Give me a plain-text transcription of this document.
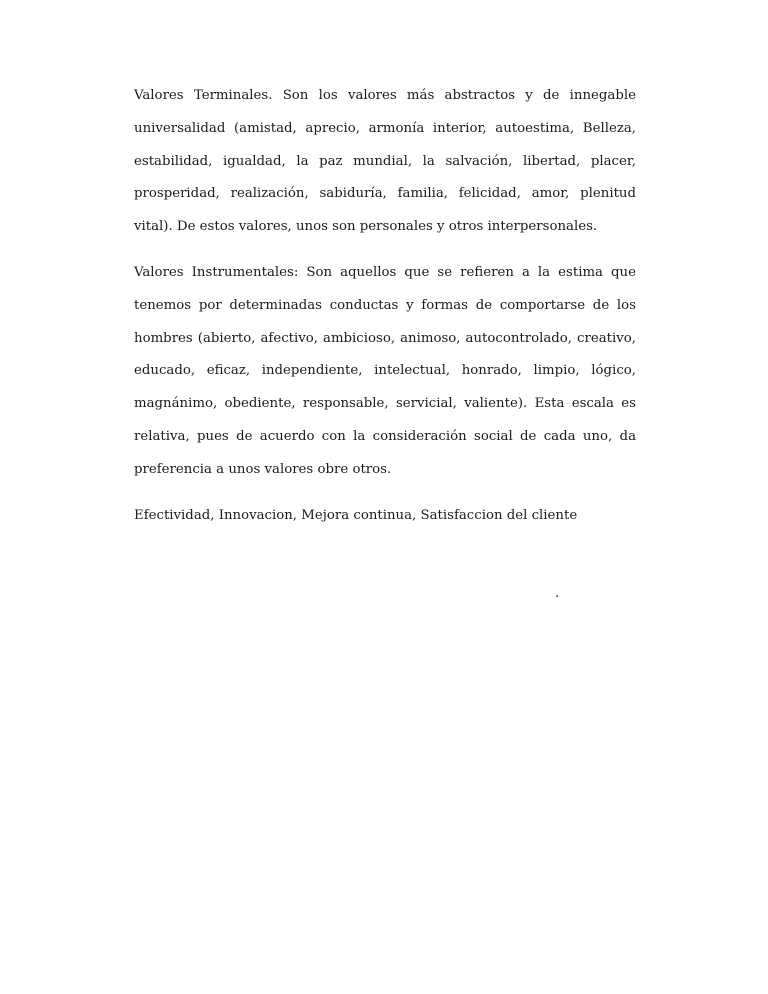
Valores Terminales. Son los valores más abstractos y de innegable universalidad (amistad, aprecio, armonía interior, autoestima, Belleza, estabilidad, igualdad, la paz mundial, la salvación, libertad, placer, prosperidad, realización, sabiduría, familia, felicidad, amor, plenitud vital). De estos valores, unos son personales y otros interpersonales.

Valores Instrumentales: Son aquellos que se refieren a la estima que tenemos por determinadas conductas y formas de comportarse de los hombres (abierto, afectivo, ambicioso, animoso, autocontrolado, creativo, educado, eficaz, independiente, intelectual, honrado, limpio, lógico, magnánimo, obediente, responsable, servicial, valiente). Esta escala es relativa, pues de acuerdo con la consideración social de cada uno, da preferencia a unos valores obre otros.

Efectividad, Innovacion, Mejora continua, Satisfaccion del cliente

.
